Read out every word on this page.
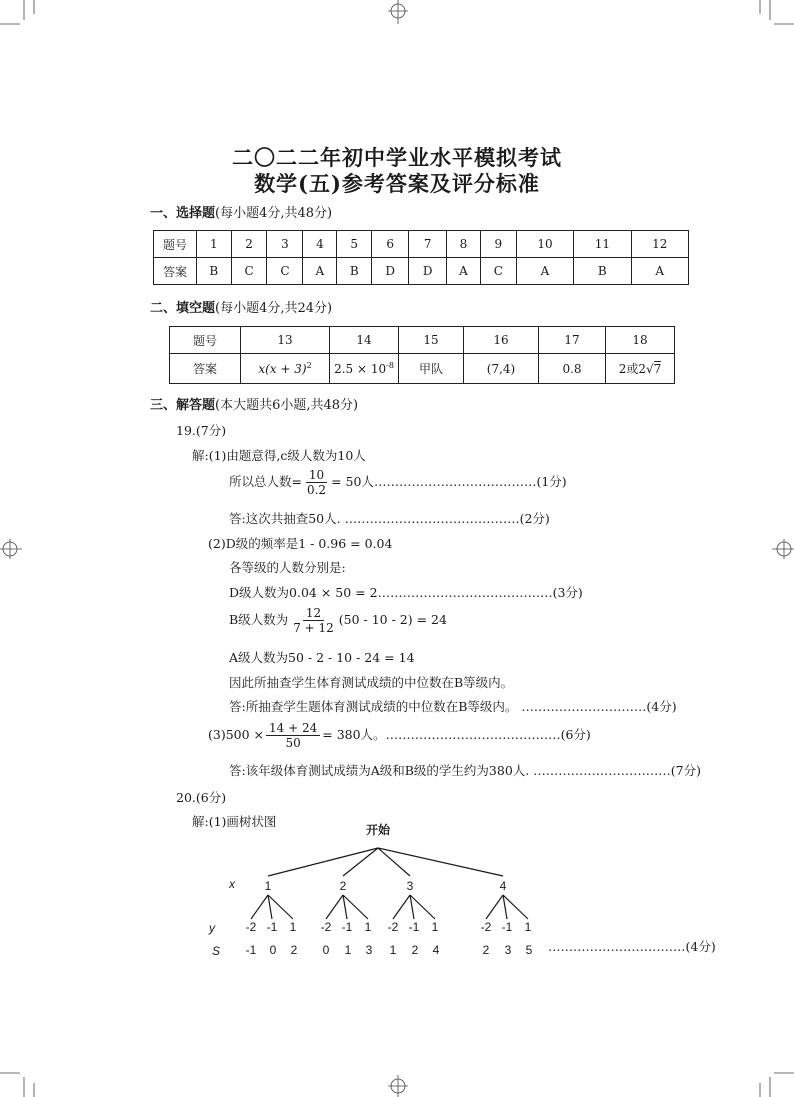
二〇二二年初中学业水平模拟考试
数学(五)参考答案及评分标准
一、选择题(每小题4分,共48分)
题号	1	2	3	4	5	6	7	8	9	10	11	12
答案	B	C	C	A	B	D	D	A	C	A	B	A
二、填空题(每小题4分,共24分)
题号	13	14	15	16	17	18
答案	$x(x + 3)^2$	$2.5 \times 10^{-8}$	甲队	(7,4)	0.8	2或2√7
三、解答题(本大题共6小题,共48分)
19.(7分)
解:(1)由题意得,c级人数为10人
所以总人数= $\frac{10}{0.2} = 50$人…………………………………(1分)
答:这次共抽查50人. ……………………………………(2分)
(2)D级的频率是1 - 0.96 = 0.04
各等级的人数分别是:
D级人数为0.04 × 50 = 2……………………………………(3分)
B级人数为 $\frac{12}{7 + 12} (50 - 10 - 2) = 24$
A级人数为50 - 2 - 10 - 24 = 14
因此所抽查学生体育测试成绩的中位数在B等级内。
答:所抽查学生题体育测试成绩的中位数在B等级内。 …………………………(4分)
$(3)500 \times \frac{14 + 24}{50} = 380$人。……………………………………(6分)
答:该年级体育测试成绩为A级和B级的学生约为380人. ……………………………(7分)
20.(6分)
解:(1)画树状图
开始
x
y
S
1
-2
-1
-1
0
1
2
2
-2
0
-1
1
1
3
3
-2
1
-1
2
1
4
4
-2
2
-1
3
1
5 ……………………………(4分)
